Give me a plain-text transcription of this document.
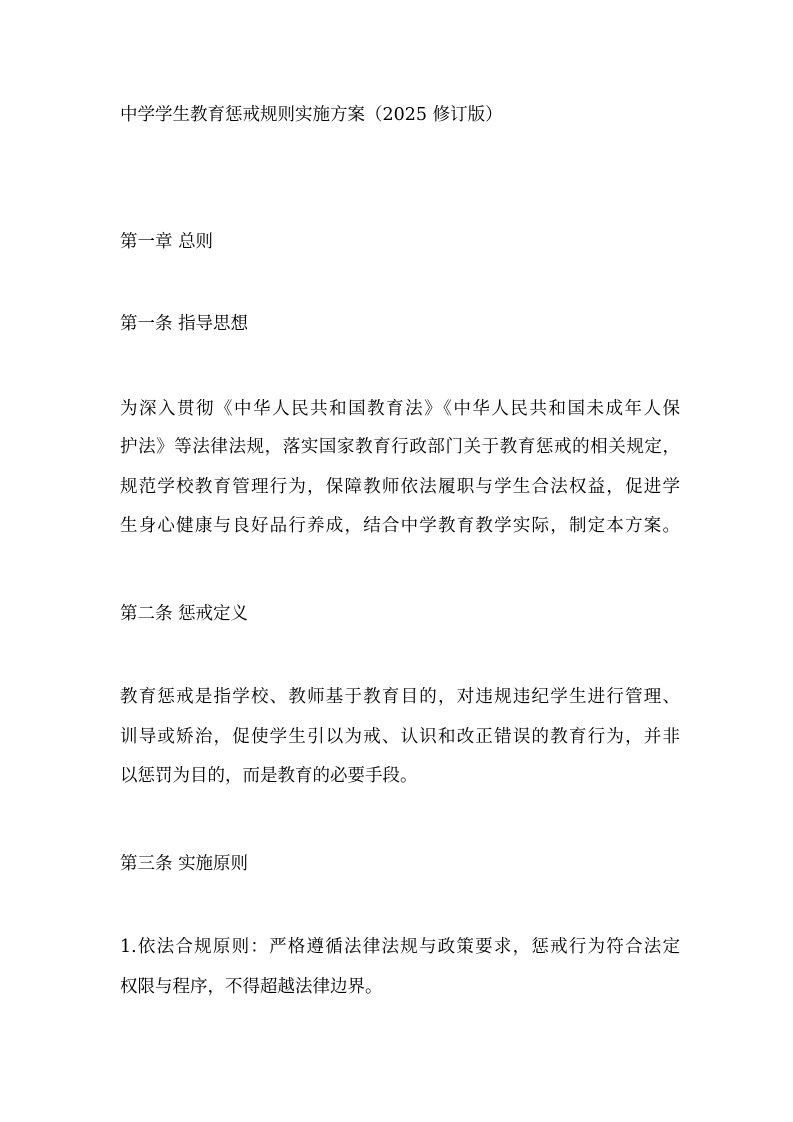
中学学生教育惩戒规则实施方案（2025 修订版）
第一章 总则
第一条 指导思想
为深入贯彻《中华人民共和国教育法》《中华人民共和国未成年人保
护法》等法律法规，落实国家教育行政部门关于教育惩戒的相关规定，
规范学校教育管理行为，保障教师依法履职与学生合法权益，促进学
生身心健康与良好品行养成，结合中学教育教学实际，制定本方案。
第二条 惩戒定义
教育惩戒是指学校、教师基于教育目的，对违规违纪学生进行管理、
训导或矫治，促使学生引以为戒、认识和改正错误的教育行为，并非
以惩罚为目的，而是教育的必要手段。
第三条 实施原则
1.依法合规原则：严格遵循法律法规与政策要求，惩戒行为符合法定
权限与程序，不得超越法律边界。
